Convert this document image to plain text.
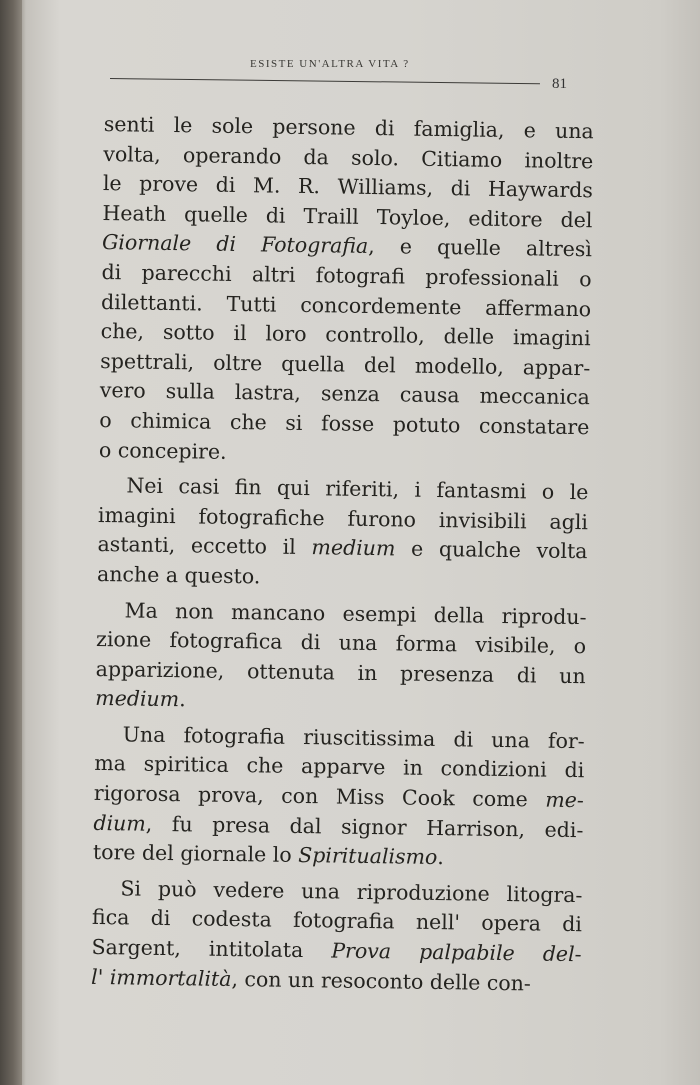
ESISTE UN'ALTRA VITA ?
81
senti le sole persone di famiglia, e una
volta, operando da solo. Citiamo inoltre
le prove di M. R. Williams, di Haywards
Heath quelle di Traill Toyloe, editore del
Giornale di Fotografia, e quelle altresì
di parecchi altri fotografi professionali o
dilettanti. Tutti concordemente affermano
che, sotto il loro controllo, delle imagini
spettrali, oltre quella del modello, appar-
vero sulla lastra, senza causa meccanica
o chimica che si fosse potuto constatare
o concepire.
Nei casi fin qui riferiti, i fantasmi o le
imagini fotografiche furono invisibili agli
astanti, eccetto il medium e qualche volta
anche a questo.
Ma non mancano esempi della riprodu-
zione fotografica di una forma visibile, o
apparizione, ottenuta in presenza di un
medium.
Una fotografia riuscitissima di una for-
ma spiritica che apparve in condizioni di
rigorosa prova, con Miss Cook come me-
dium, fu presa dal signor Harrison, edi-
tore del giornale lo Spiritualismo.
Si può vedere una riproduzione litogra-
fica di codesta fotografia nell' opera di
Sargent, intitolata Prova palpabile del-
l' immortalità, con un resoconto delle con-
